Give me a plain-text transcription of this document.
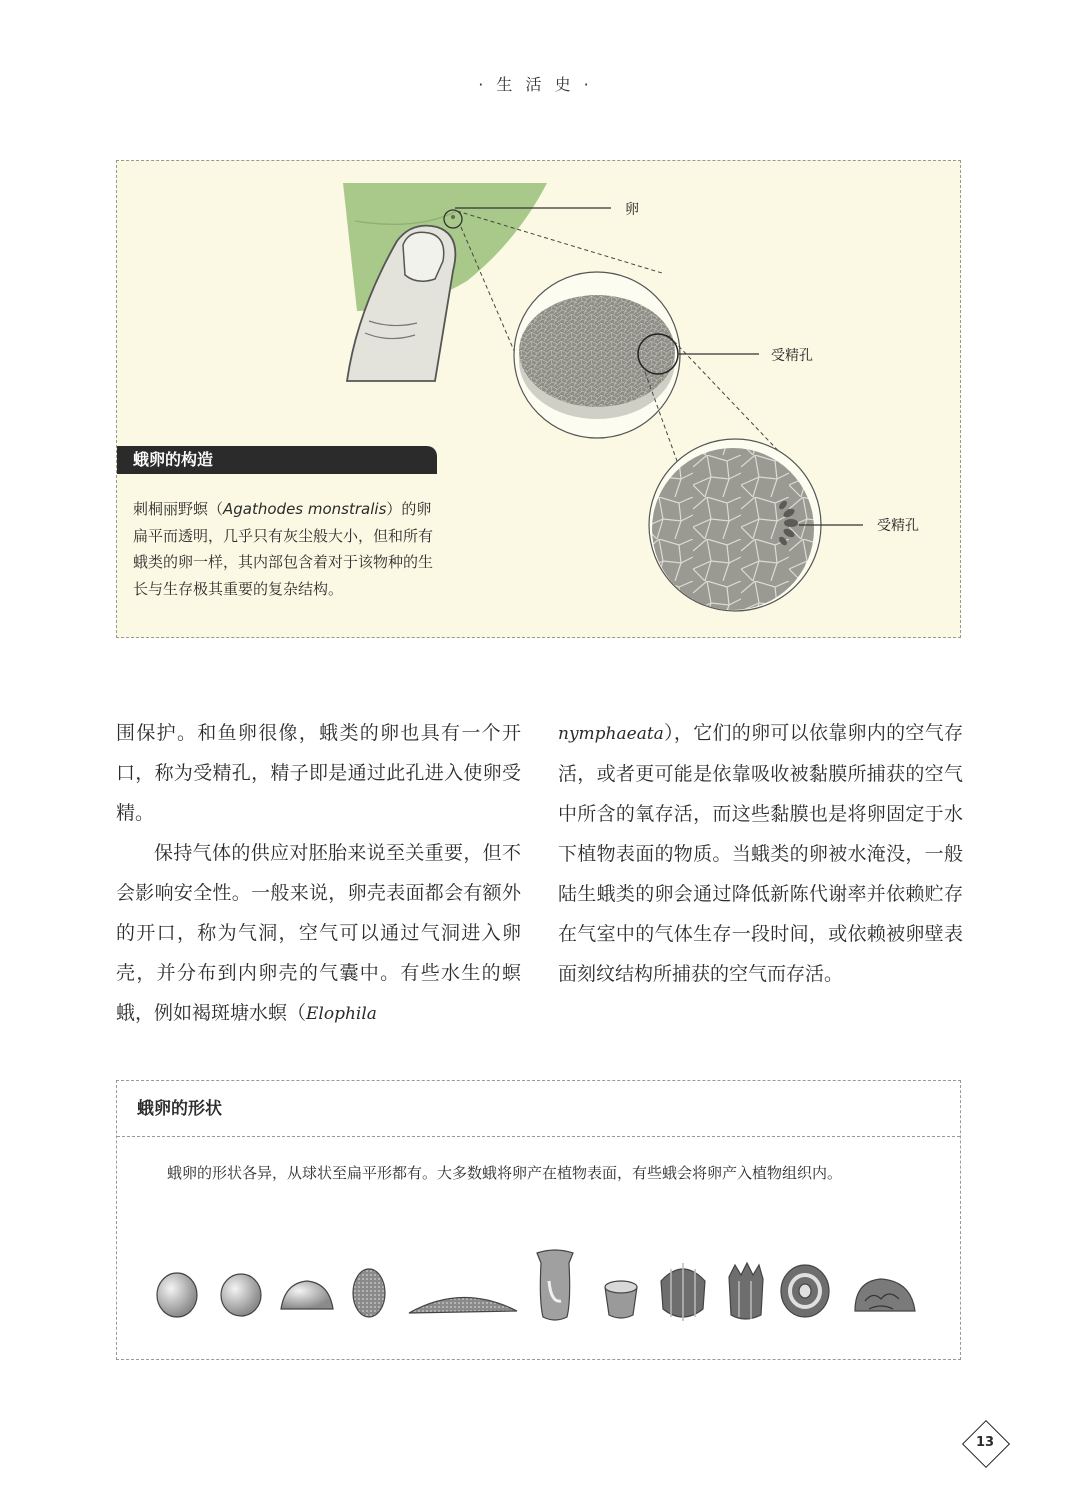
· 生 活 史 ·
卵
受精孔
受精孔
蛾卵的构造
刺桐丽野螟（Agathodes monstralis）的卵扁平而透明，几乎只有灰尘般大小，但和所有蛾类的卵一样，其内部包含着对于该物种的生长与生存极其重要的复杂结构。

围保护。和鱼卵很像，蛾类的卵也具有一个开口，称为受精孔，精子即是通过此孔进入使卵受精。

保持气体的供应对胚胎来说至关重要，但不会影响安全性。一般来说，卵壳表面都会有额外的开口，称为气洞，空气可以通过气洞进入卵壳，并分布到内卵壳的气囊中。有些水生的螟蛾，例如褐斑塘水螟（Elophila

nymphaeata），它们的卵可以依靠卵内的空气存活，或者更可能是依靠吸收被黏膜所捕获的空气中所含的氧存活，而这些黏膜也是将卵固定于水下植物表面的物质。当蛾类的卵被水淹没，一般陆生蛾类的卵会通过降低新陈代谢率并依赖贮存在气室中的气体生存一段时间，或依赖被卵壁表面刻纹结构所捕获的空气而存活。

蛾卵的形状
蛾卵的形状各异，从球状至扁平形都有。大多数蛾将卵产在植物表面，有些蛾会将卵产入植物组织内。
13
